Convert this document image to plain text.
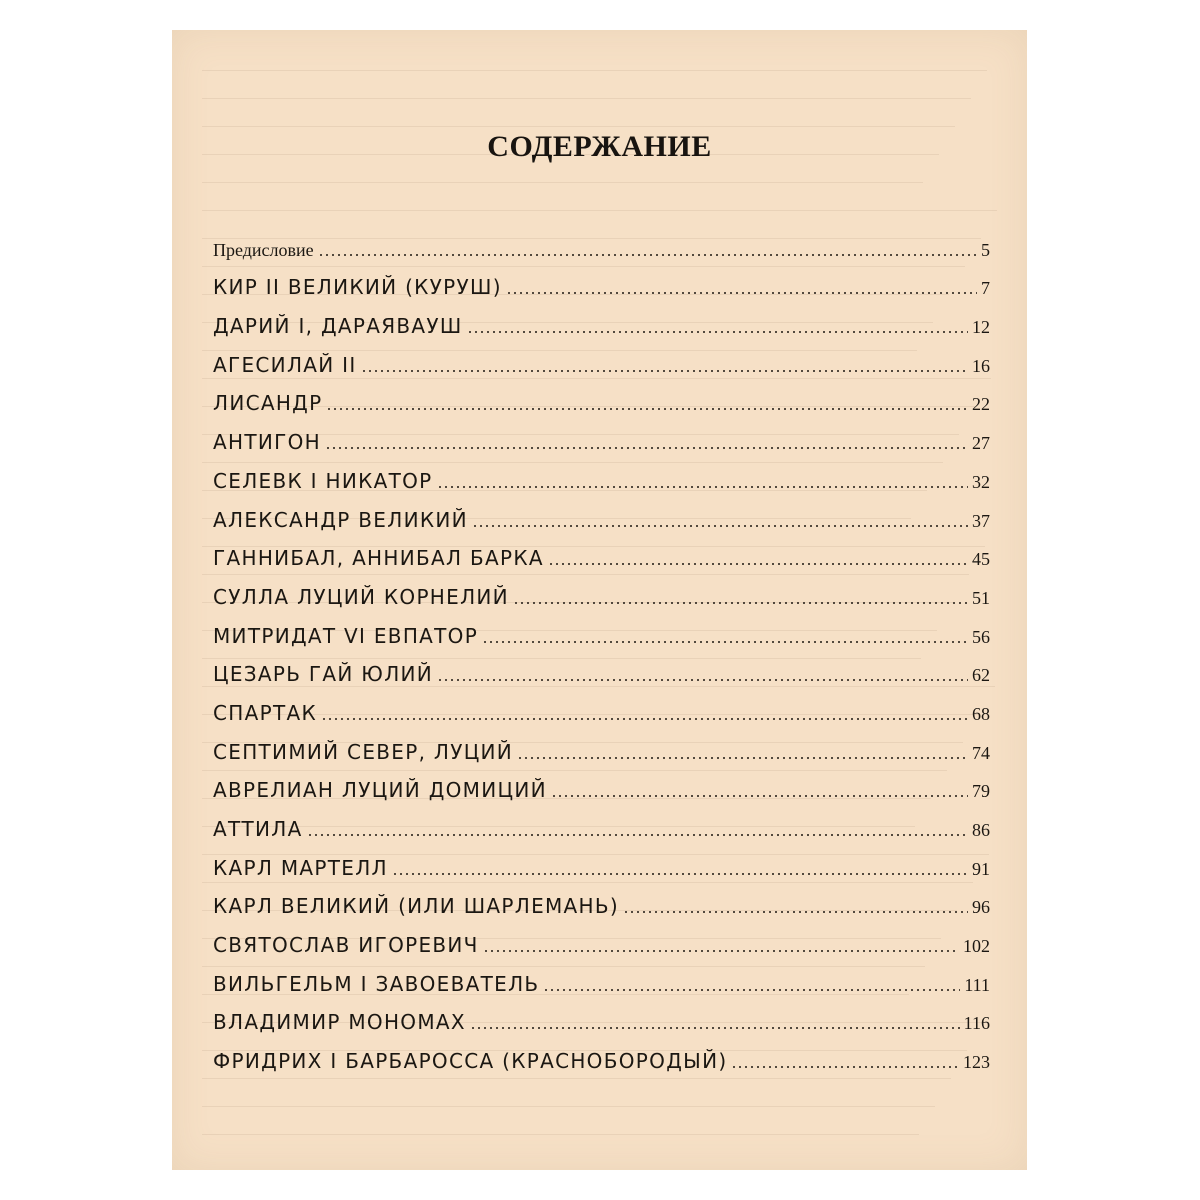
СОДЕРЖАНИЕ
Предисловие	5
КИР II ВЕЛИКИЙ (КУРУШ)	7
ДАРИЙ I, ДАРАЯВАУШ	12
АГЕСИЛАЙ II	16
ЛИСАНДР	22
АНТИГОН	27
СЕЛЕВК I НИКАТОР	32
АЛЕКСАНДР ВЕЛИКИЙ	37
ГАННИБАЛ, АННИБАЛ БАРКА	45
СУЛЛА ЛУЦИЙ КОРНЕЛИЙ	51
МИТРИДАТ VI ЕВПАТОР	56
ЦЕЗАРЬ ГАЙ ЮЛИЙ	62
СПАРТАК	68
СЕПТИМИЙ СЕВЕР, ЛУЦИЙ	74
АВРЕЛИАН ЛУЦИЙ ДОМИЦИЙ	79
АТТИЛА	86
КАРЛ МАРТЕЛЛ	91
КАРЛ ВЕЛИКИЙ (ИЛИ ШАРЛЕМАНЬ)	96
СВЯТОСЛАВ ИГОРЕВИЧ	102
ВИЛЬГЕЛЬМ I ЗАВОЕВАТЕЛЬ	111
ВЛАДИМИР МОНОМАХ	116
ФРИДРИХ I БАРБАРОССА (КРАСНОБОРОДЫЙ)	123
